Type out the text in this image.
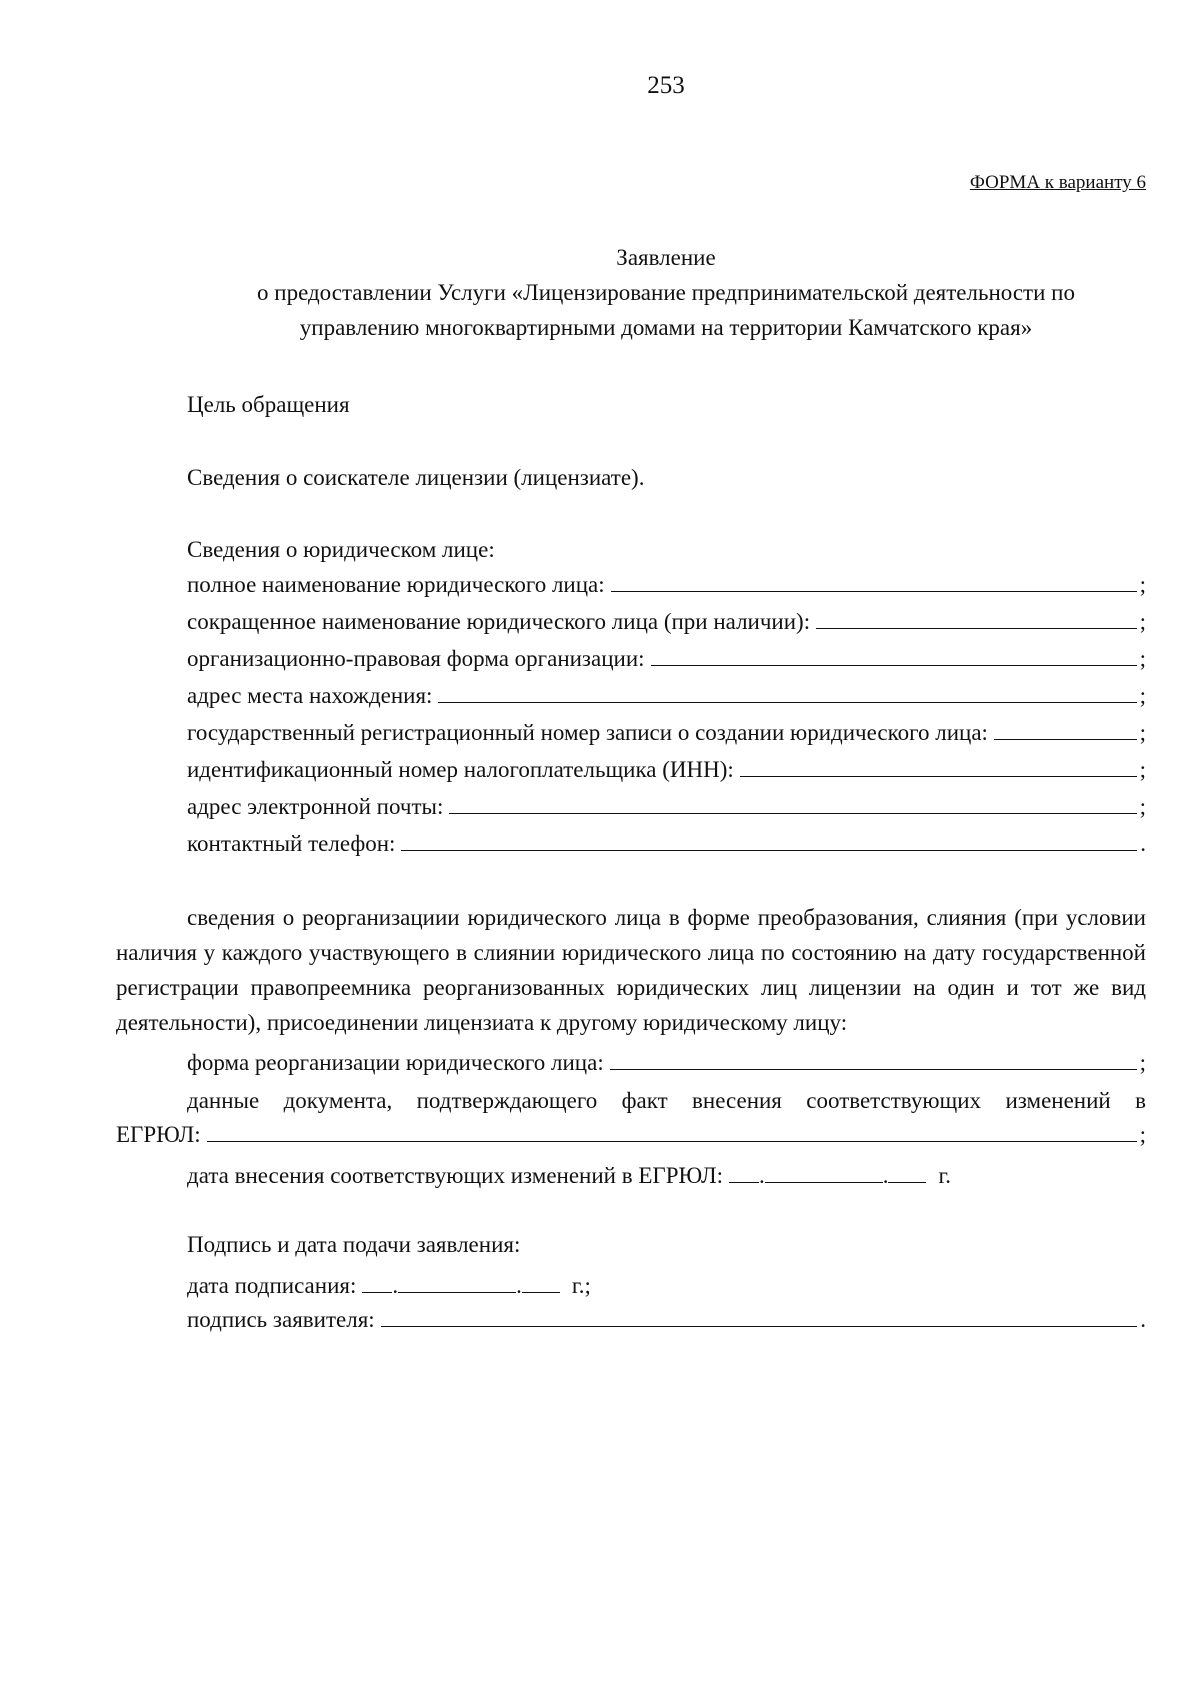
253
ФОРМА к варианту 6
Заявление
о предоставлении Услуги «Лицензирование предпринимательской деятельности по
управлению многоквартирными домами на территории Камчатского края»
Цель обращения
Сведения о соискателе лицензии (лицензиате).
Сведения о юридическом лице:
полное наименование юридического лица:	;
сокращенное наименование юридического лица (при наличии):	;
организационно-правовая форма организации:	;
адрес места нахождения:	;
государственный регистрационный номер записи о создании юридического лица:	;
идентификационный номер налогоплательщика (ИНН):	;
адрес электронной почты:	;
контактный телефон:	.
сведения о реорганизациии юридического лица в форме преобразования, слияния (при условии наличия у каждого участвующего в слиянии юридического лица по состоянию на дату государственной регистрации правопреемника реорганизованных юридических лиц лицензии на один и тот же вид деятельности), присоединении лицензиата к другому юридическому лицу:
форма реорганизации юридического лица:	;
данные документа, подтверждающего факт внесения соответствующих изменений в
ЕГРЮЛ:	;
дата внесения соответствующих изменений в ЕГРЮЛ: .	. г.
Подпись и дата подачи заявления:
дата подписания: .	. г.;
подпись заявителя:	.
